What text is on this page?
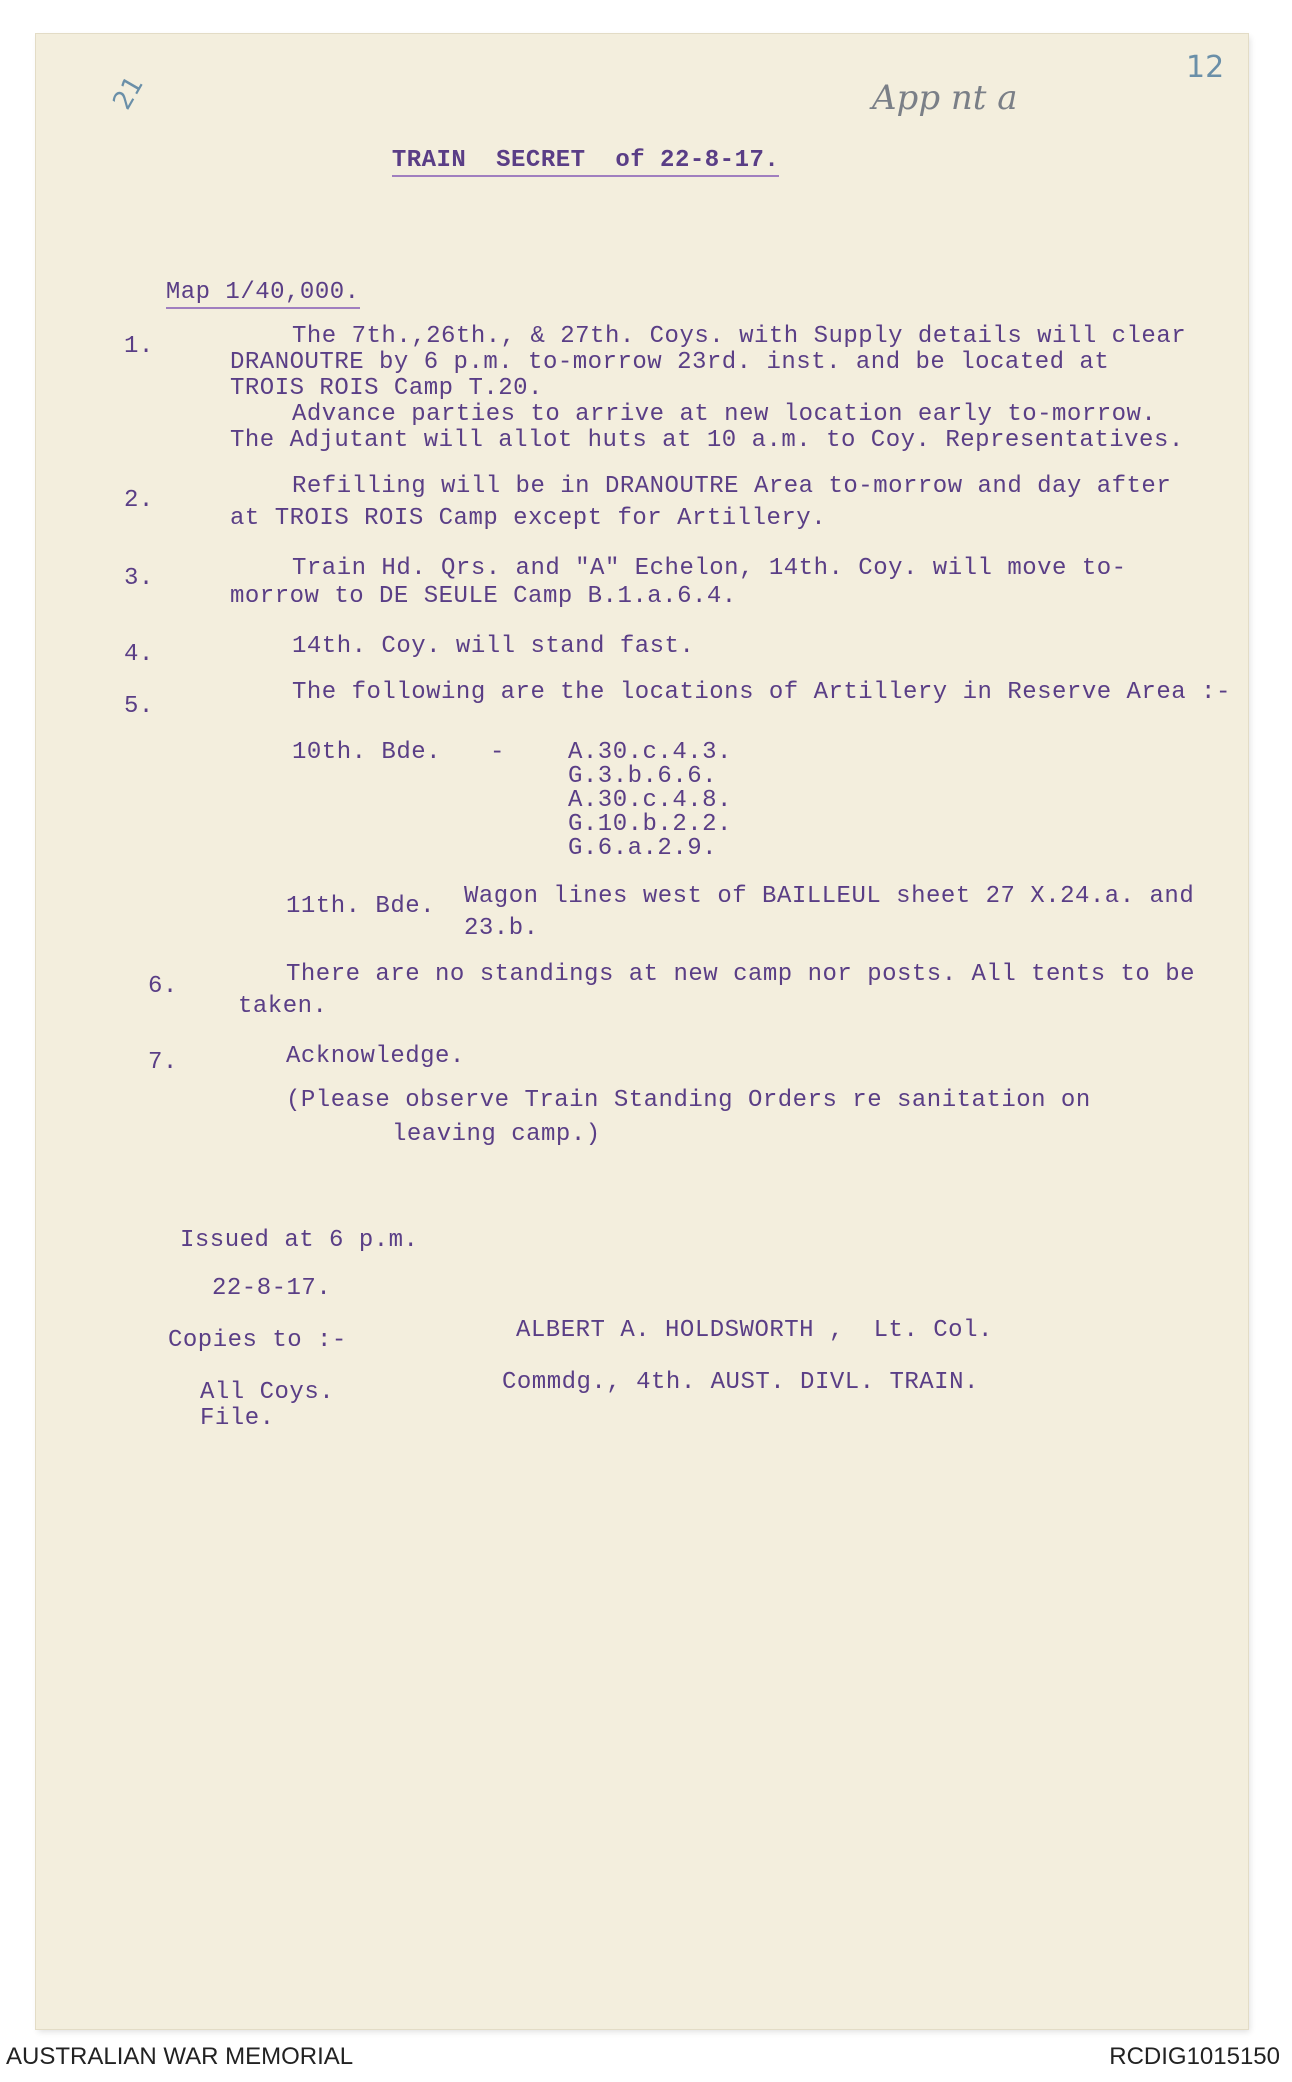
21
12
App nt a

TRAIN  SECRET  of 22-8-17.

Map 1/40,000.

1.	The 7th.,26th., & 27th. Coys. with Supply details will clear
DRANOUTRE by 6 p.m. to-morrow 23rd. inst. and be located at
TROIS ROIS Camp T.20.
Advance parties to arrive at new location early to-morrow.
The Adjutant will allot huts at 10 a.m. to Coy. Representatives.
2.
Refilling will be in DRANOUTRE Area to-morrow and day after
at TROIS ROIS Camp except for Artillery.
3.	Train Hd. Qrs. and "A" Echelon, 14th. Coy. will move to-
morrow to DE SEULE Camp B.1.a.6.4.
4.	14th. Coy. will stand fast.
5.
The following are the locations of Artillery in Reserve Area :-
10th. Bde. -	A.30.c.4.3.
G.3.b.6.6.
A.30.c.4.8.
G.10.b.2.2.
G.6.a.2.9.
11th. Bde. Wagon lines west of BAILLEUL sheet 27 X.24.a. and
23.b.
6.	There are no standings at new camp nor posts. All tents to be
taken.
7.	Acknowledge.
(Please observe Train Standing Orders re sanitation on
leaving camp.)
Issued at 6 p.m.
22-8-17.
Copies to :-
All Coys.
File.
ALBERT A. HOLDSWORTH ,  Lt. Col.
Commdg., 4th. AUST. DIVL. TRAIN.
AUSTRALIAN WAR MEMORIAL	RCDIG1015150
